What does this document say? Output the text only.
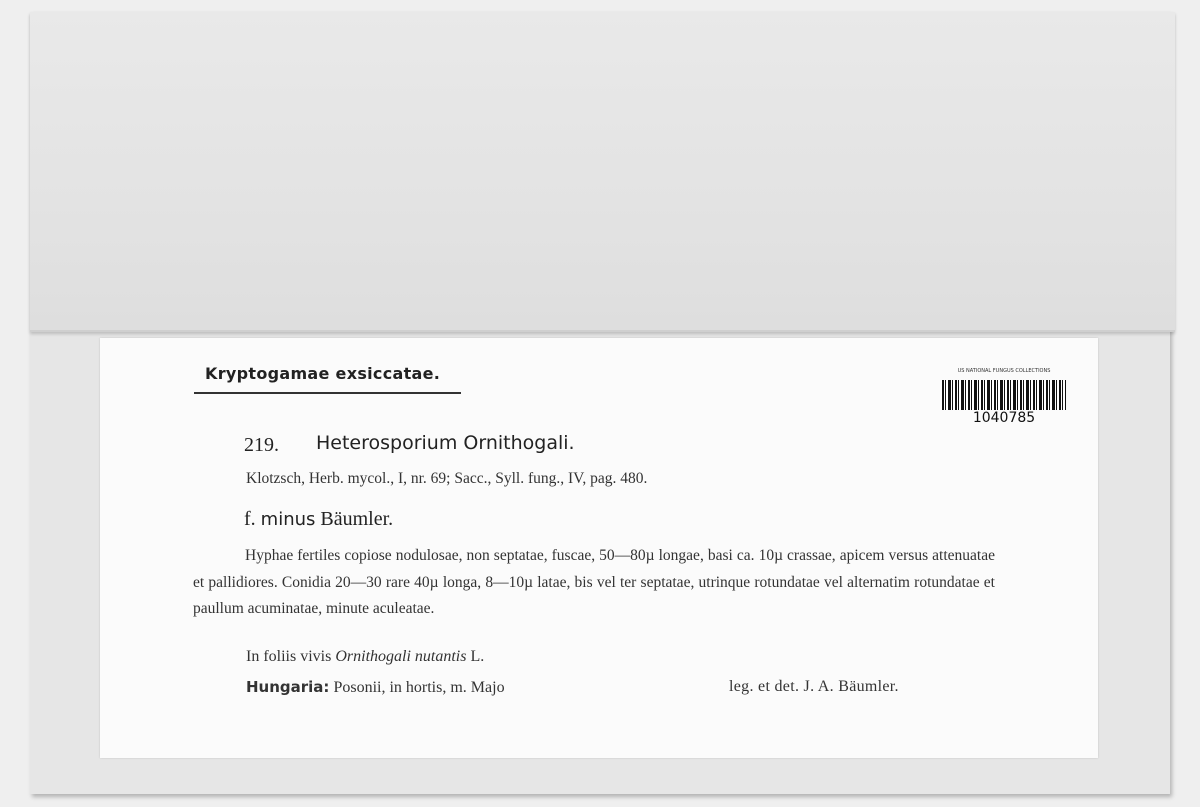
Kryptogamae exsiccatae.	US NATIONAL FUNGUS COLLECTIONS
1040785
219. Heterosporium Ornithogali.
Klotzsch, Herb. mycol., I, nr. 69; Sacc., Syll. fung., IV, pag. 480.
f. minus Bäumler.
Hyphae fertiles copiose nodulosae, non septatae, fuscae, 50—80µ longae, basi ca. 10µ crassae, apicem versus attenuatae et pallidiores. Conidia 20—30 rare 40µ longa, 8—10µ latae, bis vel ter septatae, utrinque rotundatae vel alternatim rotundatae et paullum acuminatae, minute aculeatae.
In foliis vivis Ornithogali nutantis L.
Hungaria: Posonii, in hortis, m. Majo	leg. et det. J. A. Bäumler.
